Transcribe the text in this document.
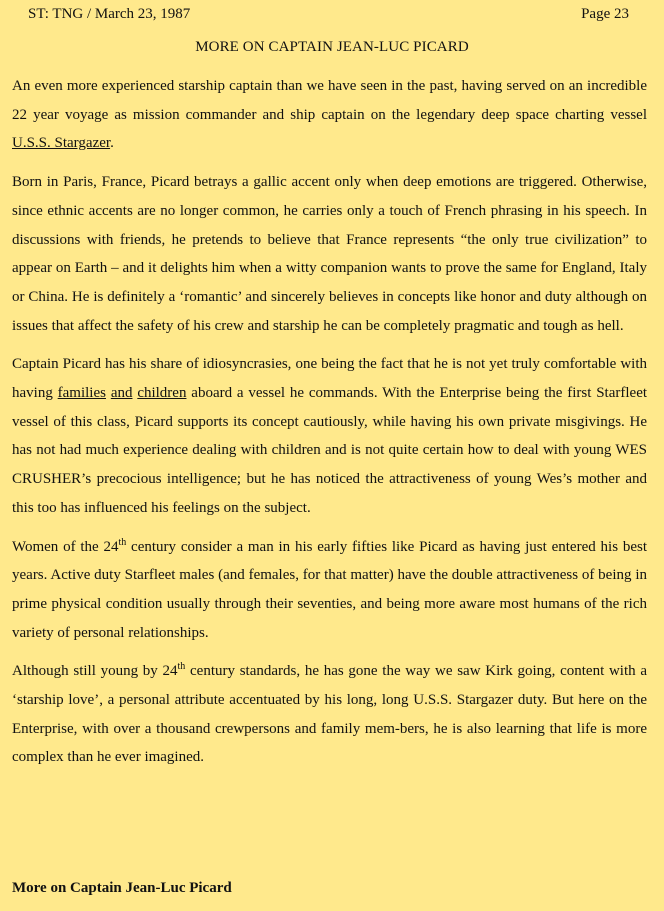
ST: TNG / March 23, 1987	Page 23
MORE ON CAPTAIN JEAN-LUC PICARD

An even more experienced starship captain than we have seen in the past, having served on an incredible 22 year voyage as mission commander and ship captain on the legendary deep space charting vessel U.S.S. Stargazer.

Born in Paris, France, Picard betrays a gallic accent only when deep emotions are triggered. Otherwise, since ethnic accents are no longer common, he carries only a touch of French phrasing in his speech. In discussions with friends, he pretends to believe that France represents “the only true civilization” to appear on Earth – and it delights him when a witty companion wants to prove the same for England, Italy or China. He is definitely a ‘romantic’ and sincerely believes in concepts like honor and duty although on issues that affect the safety of his crew and starship he can be completely pragmatic and tough as hell.

Captain Picard has his share of idiosyncrasies, one being the fact that he is not yet truly comfortable with having families and children aboard a vessel he commands. With the Enterprise being the first Starfleet vessel of this class, Picard supports its concept cautiously, while having his own private misgivings. He has not had much experience dealing with children and is not quite certain how to deal with young WES CRUSHER’s precocious intelligence; but he has noticed the attractiveness of young Wes’s mother and this too has influenced his feelings on the subject.

Women of the 24th century consider a man in his early fifties like Picard as having just entered his best years. Active duty Starfleet males (and females, for that matter) have the double attractiveness of being in prime physical condition usually through their seventies, and being more aware most humans of the rich variety of personal relationships.

Although still young by 24th century standards, he has gone the way we saw Kirk going, content with a ‘starship love’, a personal attribute accentuated by his long, long U.S.S. Stargazer duty. But here on the Enterprise, with over a thousand crewpersons and family mem-bers, he is also learning that life is more complex than he ever imagined.

More on Captain Jean-Luc Picard
